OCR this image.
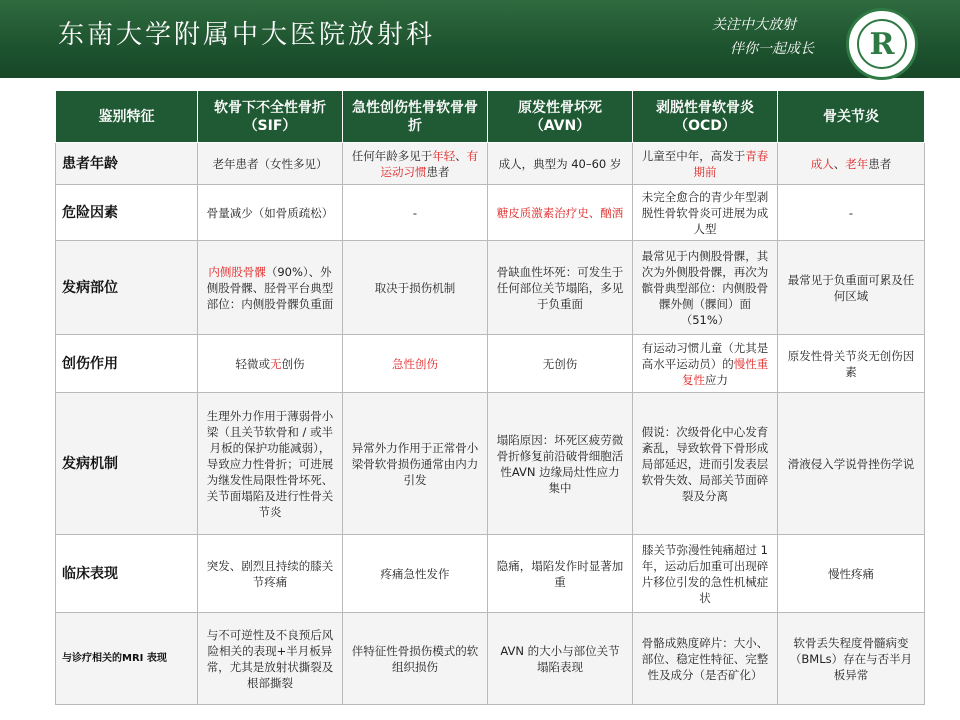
东南大学附属中大医院放射科	关注中大放射
伴你一起成长	R
鉴别特征	软骨下不全性骨折（SIF）	急性创伤性骨软骨骨折	原发性骨坏死（AVN）	剥脱性骨软骨炎（OCD）	骨关节炎
患者年龄	老年患者（女性多见）	任何年龄多见于年轻、有运动习惯患者	成人，典型为 40–60 岁	儿童至中年，高发于青春期前	成人、老年患者
危险因素	骨量减少（如骨质疏松）	-	糖皮质激素治疗史、酗酒	未完全愈合的青少年型剥脱性骨软骨炎可进展为成人型	-
发病部位	内侧股骨髁（90%）、外侧股骨髁、胫骨平台典型部位：内侧股骨髁负重面	取决于损伤机制	骨缺血性坏死：可发生于任何部位关节塌陷，多见于负重面	最常见于内侧股骨髁，其次为外侧股骨髁，再次为髌骨典型部位：内侧股骨髁外侧（髁间）面（51%）	最常见于负重面可累及任何区域
创伤作用	轻微或无创伤	急性创伤	无创伤	有运动习惯儿童（尤其是高水平运动员）的慢性重复性应力	原发性骨关节炎无创伤因素
发病机制	生理外力作用于薄弱骨小梁（且关节软骨和 / 或半月板的保护功能减弱），导致应力性骨折；可进展为继发性局限性骨坏死、关节面塌陷及进行性骨关节炎	异常外力作用于正常骨小梁骨软骨损伤通常由内力引发	塌陷原因：坏死区疲劳微骨折修复前沿破骨细胞活性AVN 边缘局灶性应力集中	假说：次级骨化中心发育紊乱，导致软骨下骨形成局部延迟，进而引发表层软骨失效、局部关节面碎裂及分离	滑液侵入学说骨挫伤学说
临床表现	突发、剧烈且持续的膝关节疼痛	疼痛急性发作	隐痛，塌陷发作时显著加重	膝关节弥漫性钝痛超过 1 年，运动后加重可出现碎片移位引发的急性机械症状	慢性疼痛
与诊疗相关的MRI 表现	与不可逆性及不良预后风险相关的表现+半月板异常，尤其是放射状撕裂及根部撕裂	伴特征性骨损伤模式的软组织损伤	AVN 的大小与部位关节塌陷表现	骨骼成熟度碎片：大小、部位、稳定性特征、完整性及成分（是否矿化）	软骨丢失程度骨髓病变（BMLs）存在与否半月板异常
